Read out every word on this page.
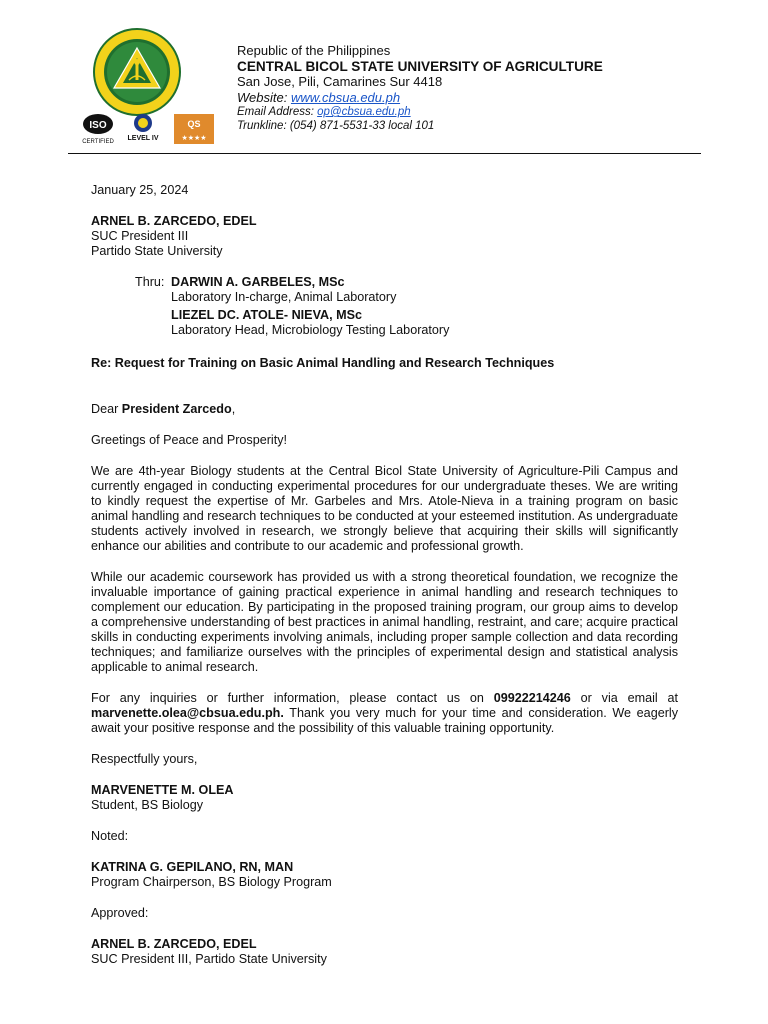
ISO
CERTIFIED LEVEL IV
QS
★★★★
Republic of the Philippines
CENTRAL BICOL STATE UNIVERSITY OF AGRICULTURE
San Jose, Pili, Camarines Sur 4418
Website: www.cbsua.edu.ph
Email Address: op@cbsua.edu.ph
Trunkline: (054) 871-5531-33 local 101
January 25, 2024
ARNEL B. ZARCEDO, EDEL
SUC President III
Partido State University
Thru: DARWIN A. GARBELES, MSc
Laboratory In-charge, Animal Laboratory
LIEZEL DC. ATOLE- NIEVA, MSc
Laboratory Head, Microbiology Testing Laboratory
Re: Request for Training on Basic Animal Handling and Research Techniques
Dear President Zarcedo,
Greetings of Peace and Prosperity!

We are 4th-year Biology students at the Central Bicol State University of Agriculture-Pili Campus and currently engaged in conducting experimental procedures for our undergraduate theses. We are writing to kindly request the expertise of Mr. Garbeles and Mrs. Atole-Nieva in a training program on basic animal handling and research techniques to be conducted at your esteemed institution. As undergraduate students actively involved in research, we strongly believe that acquiring their skills will significantly enhance our abilities and contribute to our academic and professional growth.

While our academic coursework has provided us with a strong theoretical foundation, we recognize the invaluable importance of gaining practical experience in animal handling and research techniques to complement our education. By participating in the proposed training program, our group aims to develop a comprehensive understanding of best practices in animal handling, restraint, and care; acquire practical skills in conducting experiments involving animals, including proper sample collection and data recording techniques; and familiarize ourselves with the principles of experimental design and statistical analysis applicable to animal research.

For any inquiries or further information, please contact us on 09922214246 or via email at marvenette.olea@cbsua.edu.ph. Thank you very much for your time and consideration. We eagerly await your positive response and the possibility of this valuable training opportunity.

Respectfully yours,
MARVENETTE M. OLEA
Student, BS Biology
Noted:
KATRINA G. GEPILANO, RN, MAN
Program Chairperson, BS Biology Program
Approved:
ARNEL B. ZARCEDO, EDEL
SUC President III, Partido State University
